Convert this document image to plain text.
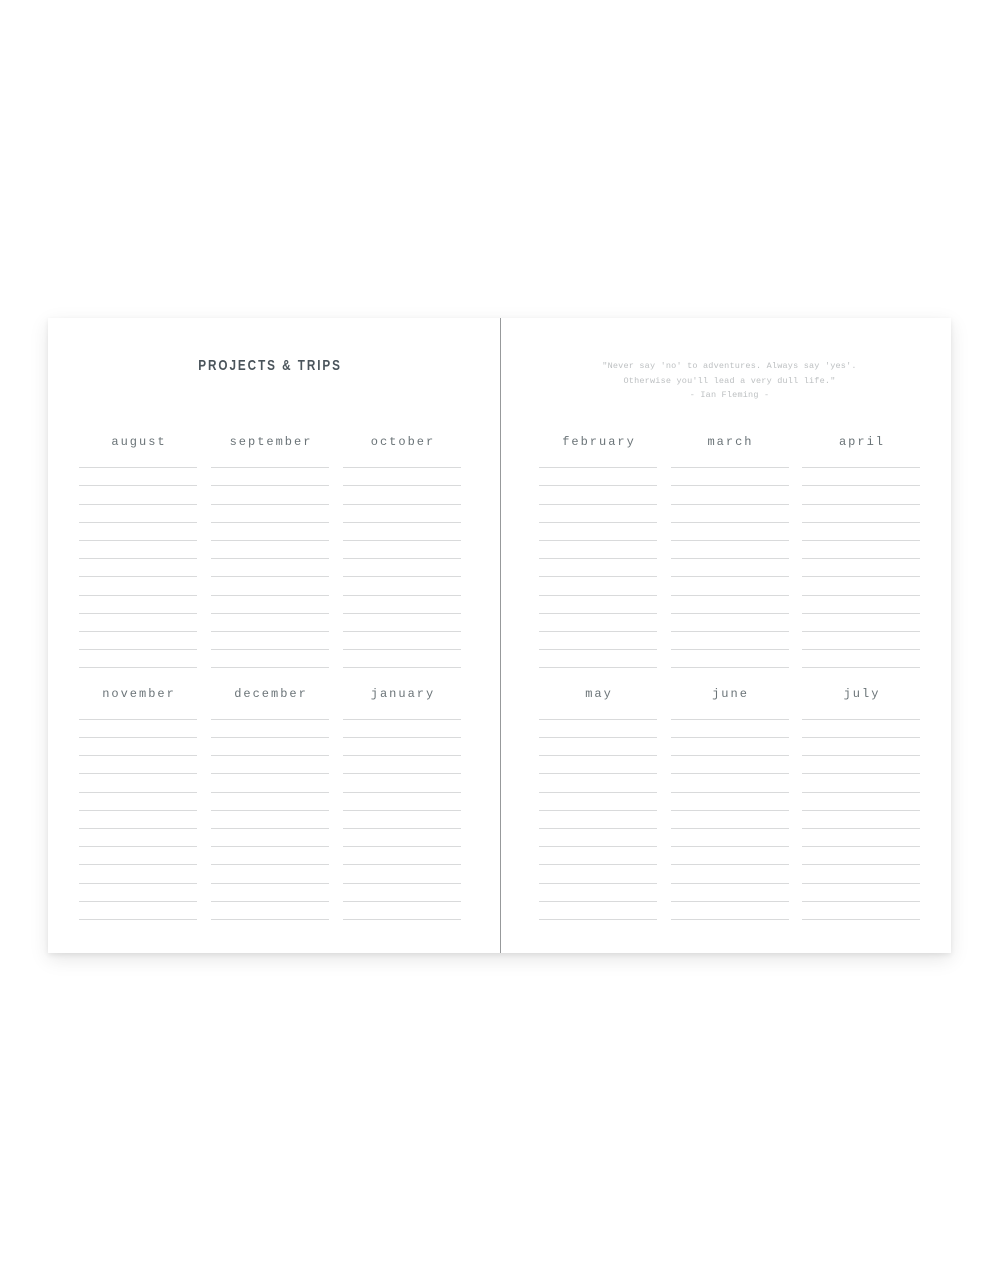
PROJECTS & TRIPS
august	september	october
november	december	january
"Never say 'no' to adventures. Always say 'yes'.
Otherwise you'll lead a very dull life."
- Ian Fleming -
february	march	april
may	june	july
